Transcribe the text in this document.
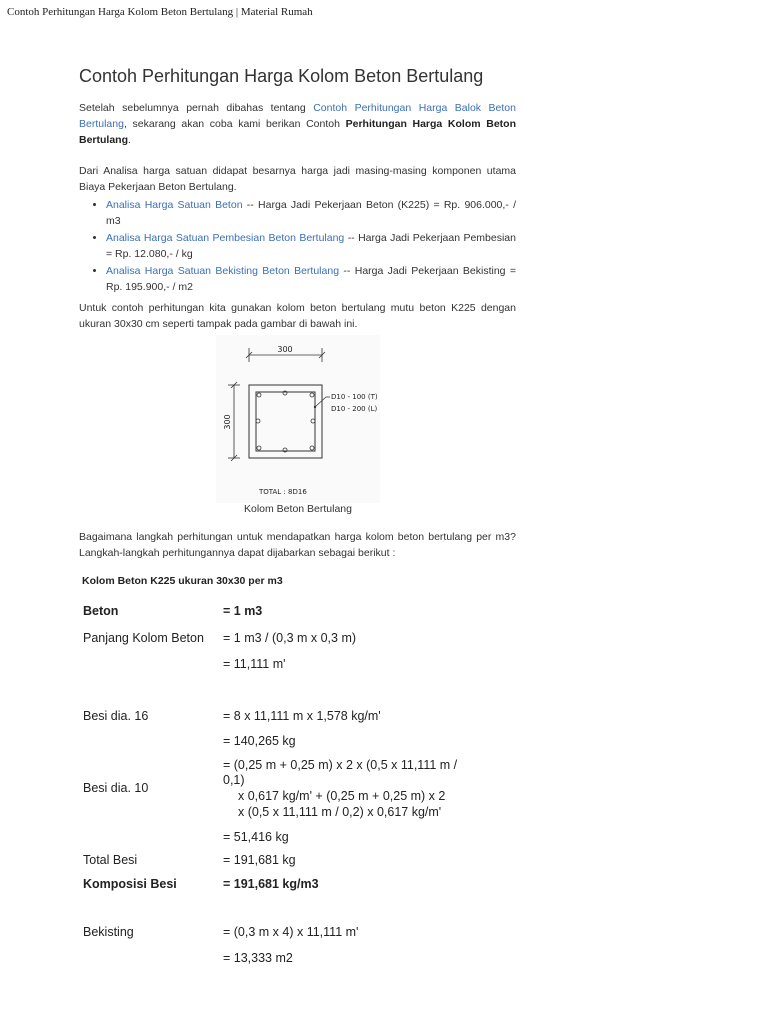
Contoh Perhitungan Harga Kolom Beton Bertulang | Material Rumah
Contoh Perhitungan Harga Kolom Beton Bertulang

Setelah sebelumnya pernah dibahas tentang Contoh Perhitungan Harga Balok Beton Bertulang, sekarang akan coba kami berikan Contoh Perhitungan Harga Kolom Beton Bertulang.

Dari Analisa harga satuan didapat besarnya harga jadi masing-masing komponen utama Biaya Pekerjaan Beton Bertulang.

• Analisa Harga Satuan Beton -- Harga Jadi Pekerjaan Beton (K225) = Rp. 906.000,- / m3
• Analisa Harga Satuan Pembesian Beton Bertulang -- Harga Jadi Pekerjaan Pembesian = Rp. 12.080,- / kg
• Analisa Harga Satuan Bekisting Beton Bertulang -- Harga Jadi Pekerjaan Bekisting = Rp. 195.900,- / m2

Untuk contoh perhitungan kita gunakan kolom beton bertulang mutu beton K225 dengan ukuran 30x30 cm seperti tampak pada gambar di bawah ini.

300
300
D10 - 100 (T)
D10 - 200 (L)
TOTAL : 8D16
Kolom Beton Bertulang

Bagaimana langkah perhitungan untuk mendapatkan harga kolom beton bertulang per m3? Langkah-langkah perhitungannya dapat dijabarkan sebagai berikut :

Kolom Beton K225 ukuran 30x30 per m3
Beton	= 1 m3
Panjang Kolom Beton = 1 m3 / (0,3 m x 0,3 m)
= 11,111 m'
Besi dia. 16	= 8 x 11,111 m x 1,578 kg/m'
= 140,265 kg
Besi dia. 10
= (0,25 m + 0,25 m) x 2 x (0,5 x 11,111 m /
0,1)
x 0,617 kg/m' + (0,25 m + 0,25 m) x 2
x (0,5 x 11,111 m / 0,2) x 0,617 kg/m'
= 51,416 kg
Total Besi	= 191,681 kg
Komposisi Besi	= 191,681 kg/m3
Bekisting	= (0,3 m x 4) x 11,111 m'
= 13,333 m2
